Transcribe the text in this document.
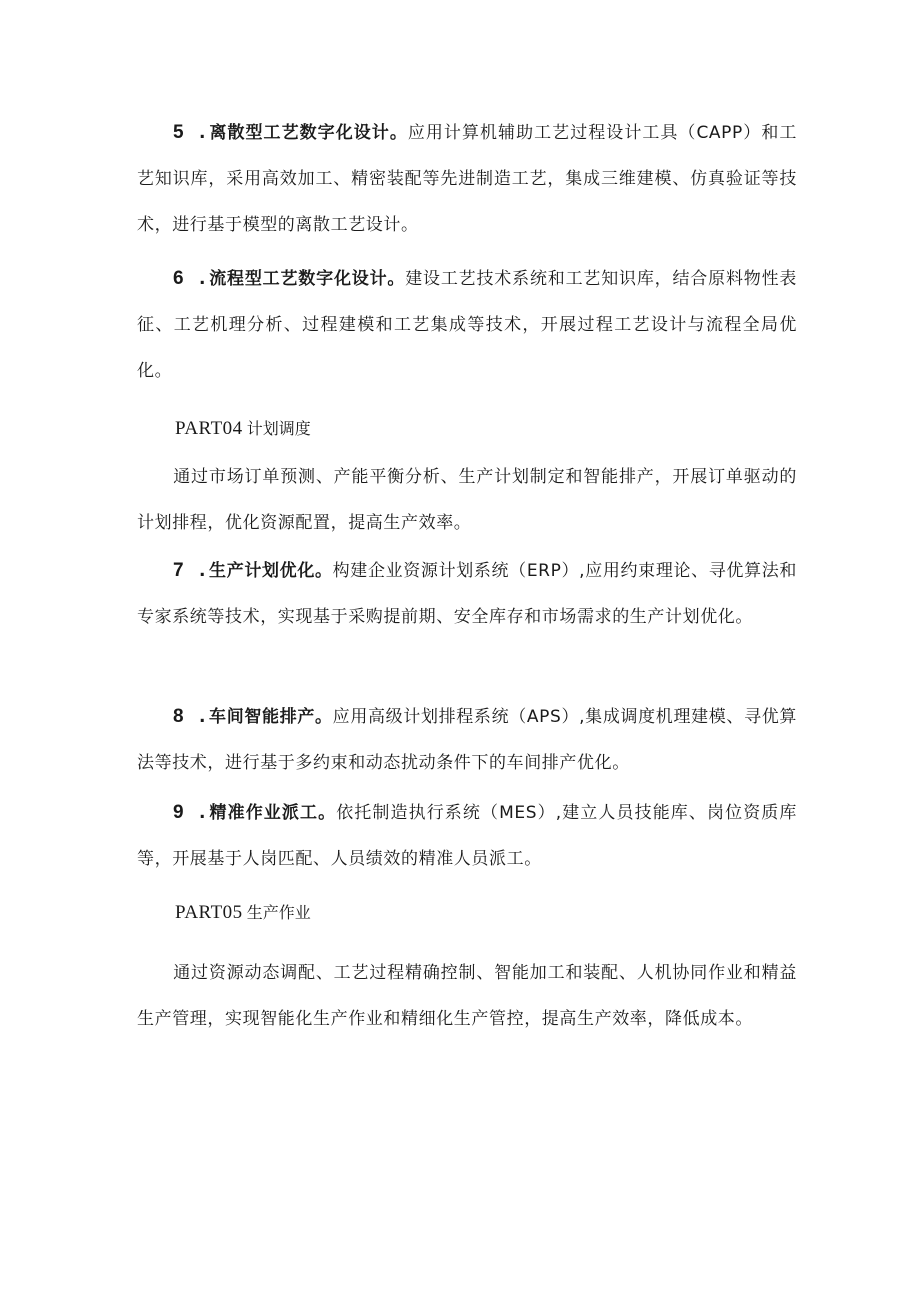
5 . 离散型工艺数字化设计。应用计算机辅助工艺过程设计工具（CAPP）和工艺知识库，采用高效加工、精密装配等先进制造工艺，集成三维建模、仿真验证等技术，进行基于模型的离散工艺设计。

6 . 流程型工艺数字化设计。建设工艺技术系统和工艺知识库，结合原料物性表征、工艺机理分析、过程建模和工艺集成等技术，开展过程工艺设计与流程全局优化。

PART04 计划调度

通过市场订单预测、产能平衡分析、生产计划制定和智能排产，开展订单驱动的计划排程，优化资源配置，提高生产效率。

7 . 生产计划优化。构建企业资源计划系统（ERP）,应用约束理论、寻优算法和专家系统等技术，实现基于采购提前期、安全库存和市场需求的生产计划优化。

8 . 车间智能排产。应用高级计划排程系统（APS）,集成调度机理建模、寻优算法等技术，进行基于多约束和动态扰动条件下的车间排产优化。

9 . 精准作业派工。依托制造执行系统（MES）,建立人员技能库、岗位资质库等，开展基于人岗匹配、人员绩效的精准人员派工。

PART05 生产作业

通过资源动态调配、工艺过程精确控制、智能加工和装配、人机协同作业和精益生产管理，实现智能化生产作业和精细化生产管控，提高生产效率，降低成本。
